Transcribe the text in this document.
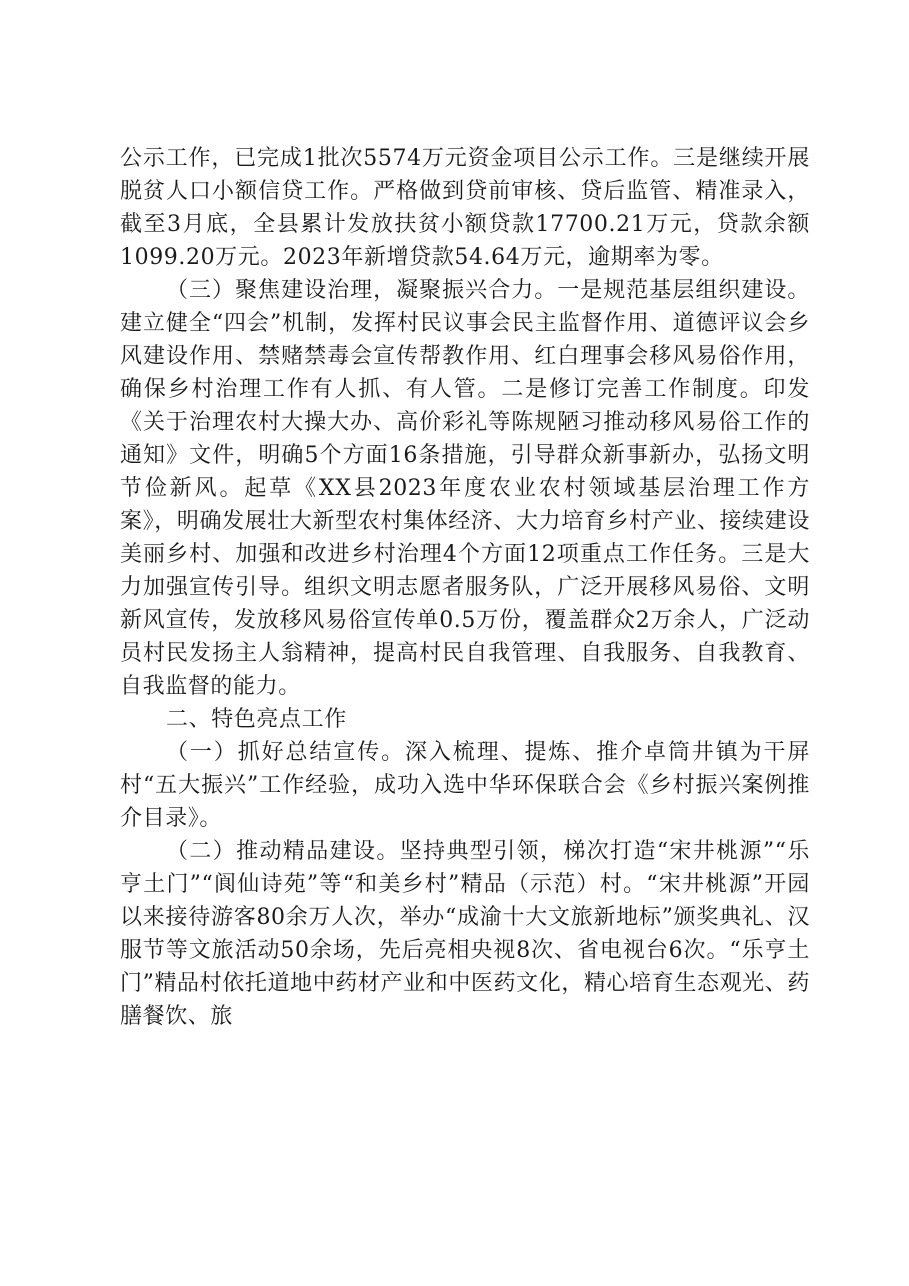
公示工作，已完成1批次5574万元资金项目公示工作。三是继续开展脱贫人口小额信贷工作。严格做到贷前审核、贷后监管、精准录入，截至3月底，全县累计发放扶贫小额贷款17700.21万元，贷款余额1099.20万元。2023年新增贷款54.64万元，逾期率为零。

（三）聚焦建设治理，凝聚振兴合力。一是规范基层组织建设。建立健全“四会”机制，发挥村民议事会民主监督作用、道德评议会乡风建设作用、禁赌禁毒会宣传帮教作用、红白理事会移风易俗作用，确保乡村治理工作有人抓、有人管。二是修订完善工作制度。印发《关于治理农村大操大办、高价彩礼等陈规陋习推动移风易俗工作的通知》文件，明确5个方面16条措施，引导群众新事新办，弘扬文明节俭新风。起草《XX县2023年度农业农村领域基层治理工作方案》，明确发展壮大新型农村集体经济、大力培育乡村产业、接续建设美丽乡村、加强和改进乡村治理4个方面12项重点工作任务。三是大力加强宣传引导。组织文明志愿者服务队，广泛开展移风易俗、文明新风宣传，发放移风易俗宣传单0.5万份，覆盖群众2万余人，广泛动员村民发扬主人翁精神，提高村民自我管理、自我服务、自我教育、自我监督的能力。

二、特色亮点工作

（一）抓好总结宣传。深入梳理、提炼、推介卓筒井镇为干屏村“五大振兴”工作经验，成功入选中华环保联合会《乡村振兴案例推介目录》。

（二）推动精品建设。坚持典型引领，梯次打造“宋井桃源”“乐亨土门”“阆仙诗苑”等“和美乡村”精品（示范）村。“宋井桃源”开园以来接待游客80余万人次，举办“成渝十大文旅新地标”颁奖典礼、汉服节等文旅活动50余场，先后亮相央视8次、省电视台6次。“乐亨土门”精品村依托道地中药材产业和中医药文化，精心培育生态观光、药膳餐饮、旅
